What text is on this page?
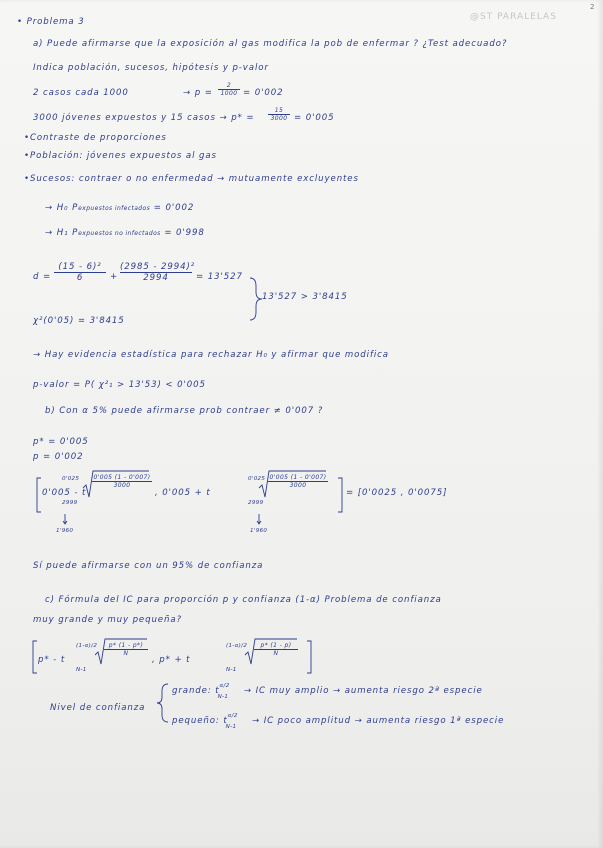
2
@ST PARALELAS
• Problema 3
a) Puede afirmarse que la exposición al gas modifica la pob de enfermar ? ¿Test adecuado?
Indica población, sucesos, hipótesis y p-valor
2 casos cada 1000	→ $p = \frac{2}{1000} = 0'002$
3000 jóvenes expuestos y 15 casos → $p* = \frac{15}{3000} = 0'005$
•Contraste de proporciones
•Población: jóvenes expuestos al gas
•Sucesos: contraer o no enfermedad → mutuamente excluyentes
→ H₀ Pexpuestos infectados = 0'002
→ H₁ Pexpuestos no infectados = 0'998
$d = \frac{\text{(15 - 6)²}}{6} + \frac{\text{(2985 - 2994)²}}{2994} = 13'527$
χ²(0'05) = 3'8415
13'527 > 3'8415
→ Hay evidencia estadística para rechazar H₀ y afirmar que modifica
p-valor = P( χ²₁ > 13'53) < 0'005
b) Con α 5% puede afirmarse prob contraer ≠ 0'007 ?
p* = 0'005
p = 0'002
0'005 - t
0'025
2999
$\frac{0'005 (1 - 0'007)}{3000}$
, 0'005 + t
0'025
2999
$\frac{0'005 (1 - 0'007)}{3000}$
= [0'0025 , 0'0075]
1'960	1'960
Sí puede afirmarse con un 95% de confianza
c) Fórmula del IC para proporción p y confianza (1-α) Problema de confianza
muy grande y muy pequeña?
p* - t
(1-α)/2
N-1
$\frac{p* (1 - p*)}{N}$
, p* + t
(1-α)/2
N-1
$\frac{p* (1 - p)}{N}$
Nivel de confianza
grande: $t^{\alpha/2}_{N-1}$ → IC muy amplio → aumenta riesgo 2ª especie
pequeño: $t^{\alpha/2}_{N-1}$ → IC poco amplitud → aumenta riesgo 1ª especie
